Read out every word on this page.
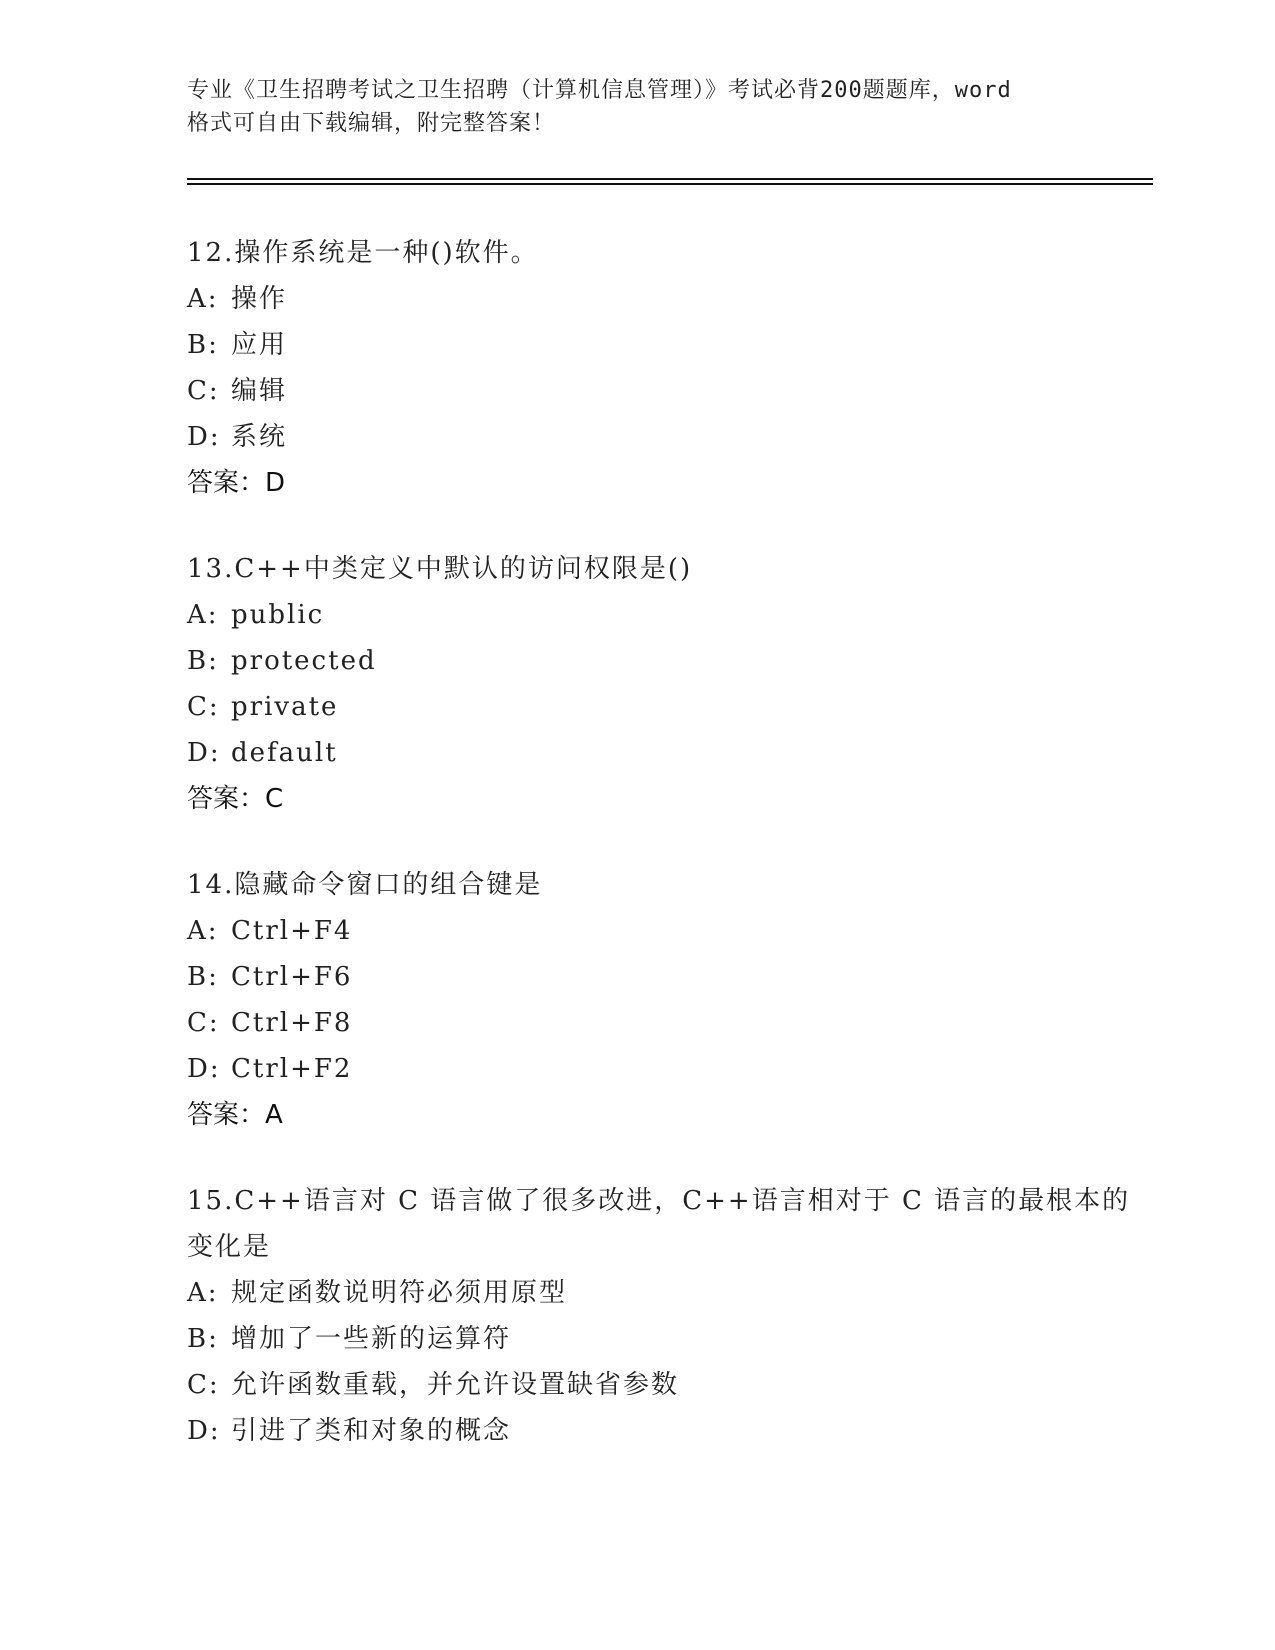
专业《卫生招聘考试之卫生招聘（计算机信息管理）》考试必背200题题库，word
格式可自由下载编辑，附完整答案！
12.操作系统是一种()软件。
A: 操作
B: 应用
C: 编辑
D: 系统
答案：D
13.C++中类定义中默认的访问权限是()
A: public
B: protected
C: private
D: default
答案：C
14.隐藏命令窗口的组合键是
A: Ctrl+F4
B: Ctrl+F6
C: Ctrl+F8
D: Ctrl+F2
答案：A
15.C++语言对 C 语言做了很多改进，C++语言相对于 C 语言的最根本的
变化是
A: 规定函数说明符必须用原型
B: 增加了一些新的运算符
C: 允许函数重载，并允许设置缺省参数
D: 引进了类和对象的概念
